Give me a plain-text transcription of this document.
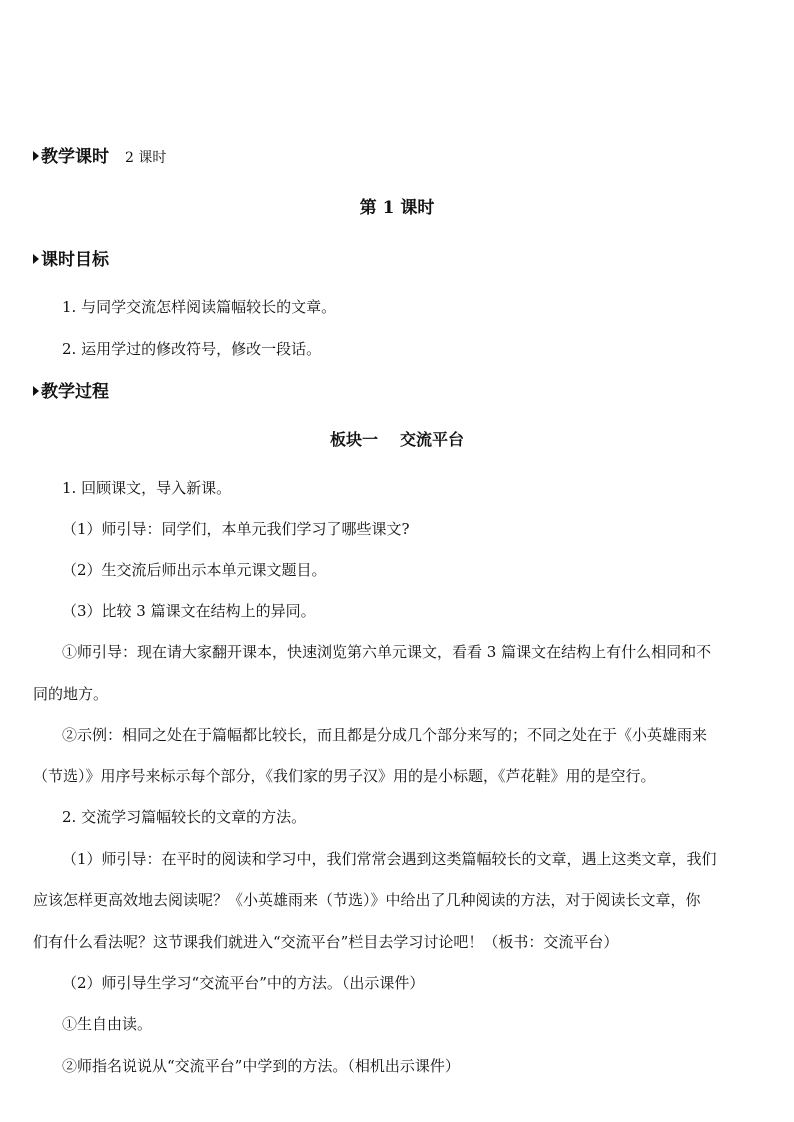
教学课时 2 课时
第 1 课时
课时目标
1. 与同学交流怎样阅读篇幅较长的文章。
2. 运用学过的修改符号，修改一段话。
教学过程
板块一 交流平台
1. 回顾课文，导入新课。
（1）师引导：同学们，本单元我们学习了哪些课文?
（2）生交流后师出示本单元课文题目。
（3）比较 3 篇课文在结构上的异同。
①师引导：现在请大家翻开课本，快速浏览第六单元课文，看看 3 篇课文在结构上有什么相同和不
同的地方。
②示例：相同之处在于篇幅都比较长，而且都是分成几个部分来写的；不同之处在于《小英雄雨来
（节选）》用序号来标示每个部分，《我们家的男子汉》用的是小标题，《芦花鞋》用的是空行。
2. 交流学习篇幅较长的文章的方法。
（1）师引导：在平时的阅读和学习中，我们常常会遇到这类篇幅较长的文章，遇上这类文章，我们
应该怎样更高效地去阅读呢？《小英雄雨来（节选）》中给出了几种阅读的方法，对于阅读长文章，你
们有什么看法呢？这节课我们就进入“交流平台”栏目去学习讨论吧！（板书：交流平台）
（2）师引导生学习“交流平台”中的方法。（出示课件）
①生自由读。
②师指名说说从“交流平台”中学到的方法。（相机出示课件）
